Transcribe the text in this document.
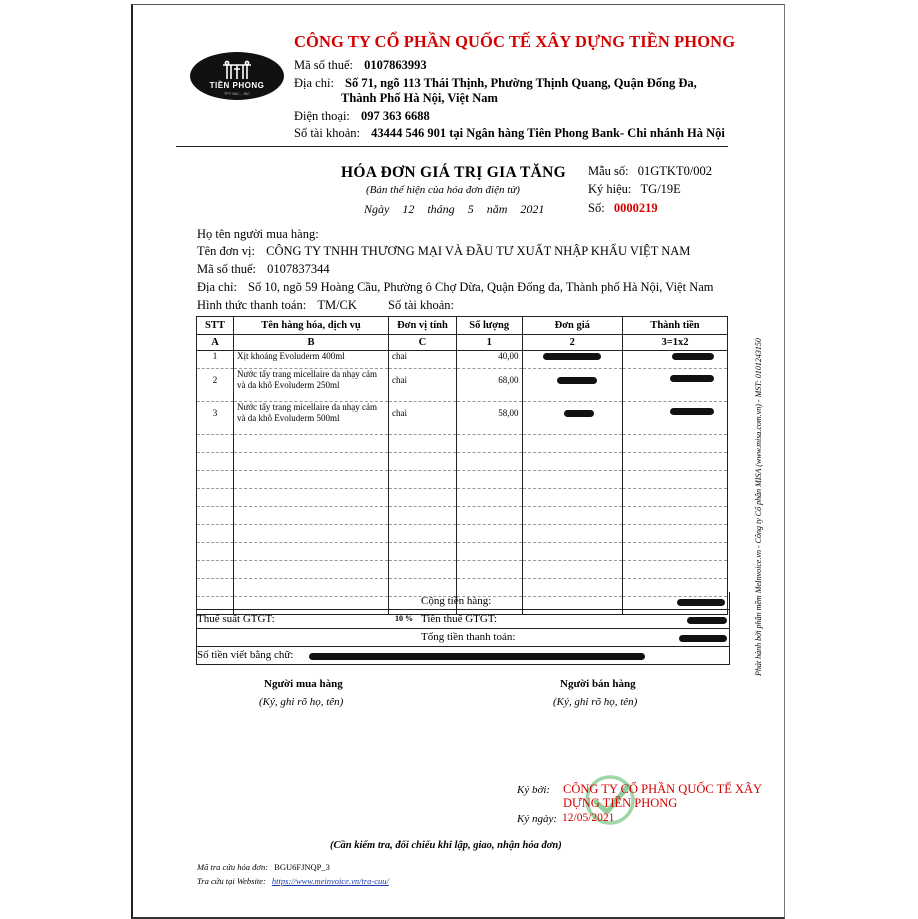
TIỀN PHONG
TPT INC., JSC
CÔNG TY CỔ PHẦN QUỐC TẾ XÂY DỰNG TIỀN PHONG
Mã số thuế: 0107863993
Địa chỉ: Số 71, ngõ 113 Thái Thịnh, Phường Thịnh Quang, Quận Đống Đa,
Thành Phố Hà Nội, Việt Nam
Điện thoại: 097 363 6688
Số tài khoản: 43444 546 901 tại Ngân hàng Tiên Phong Bank- Chi nhánh Hà Nội
HÓA ĐƠN GIÁ TRỊ GIA TĂNG
(Bản thể hiện của hóa đơn điện tử)
Ngày 12 tháng 5 năm 2021
Mẫu số: 01GTKT0/002
Ký hiệu: TG/19E
Số: 0000219
Họ tên người mua hàng:
Tên đơn vị: CÔNG TY TNHH THƯƠNG MẠI VÀ ĐẦU TƯ XUẤT NHẬP KHẨU VIỆT NAM
Mã số thuế: 0107837344
Địa chỉ: Số 10, ngõ 59 Hoàng Cầu, Phường ô Chợ Dừa, Quận Đống đa, Thành phố Hà Nội, Việt Nam
Hình thức thanh toán: TM/CK Số tài khoản:
STT	Tên hàng hóa, dịch vụ	Đơn vị tính	Số lượng	Đơn giá	Thành tiền
A	B	C	1	2	3=1x2
1	Xịt khoáng Evoluderm 400ml	chai	40,00		
2	Nước tẩy trang micellaire da nhạy cảm và da khô Evoluderm 250ml	chai	68,00		
3	Nước tẩy trang micellaire da nhạy cảm và da khô Evoluderm 500ml	chai	58,00		

Cộng tiền hàng:
Thuế suất GTGT:	10 % Tiền thuế GTGT:
Tổng tiền thanh toán:
Số tiền viết bằng chữ:
Người mua hàng
(Ký, ghi rõ họ, tên)
Người bán hàng
(Ký, ghi rõ họ, tên)
Ký bởi: CÔNG TY CỔ PHẦN QUỐC TẾ XÂY
DỰNG TIỀN PHONG
Ký ngày: 12/05/2021
(Cần kiểm tra, đối chiếu khi lập, giao, nhận hóa đơn)
Mã tra cứu hóa đơn: BGU6FJNQP_3
Tra cứu tại Website: https://www.meinvoice.vn/tra-cuu/
Phát hành bởi phần mềm MeInvoice.vn - Công ty Cổ phần MISA (www.misa.com.vn) - MST: 0101243150
